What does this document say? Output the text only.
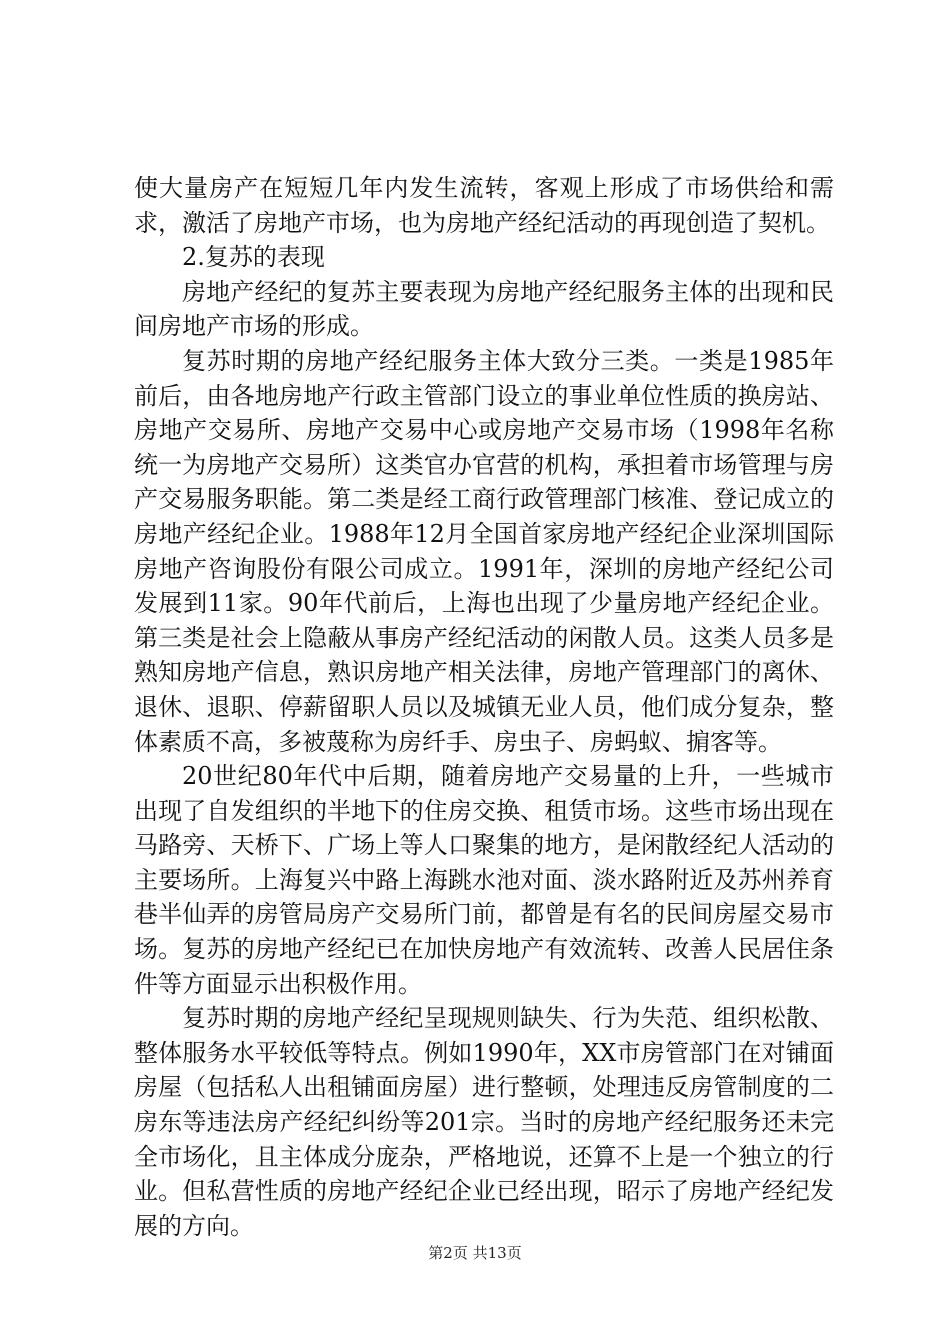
使大量房产在短短几年内发生流转，客观上形成了市场供给和需求，激活了房地产市场，也为房地产经纪活动的再现创造了契机。

2.复苏的表现

房地产经纪的复苏主要表现为房地产经纪服务主体的出现和民间房地产市场的形成。

复苏时期的房地产经纪服务主体大致分三类。一类是1985年前后，由各地房地产行政主管部门设立的事业单位性质的换房站、房地产交易所、房地产交易中心或房地产交易市场（1998年名称统一为房地产交易所）这类官办官营的机构，承担着市场管理与房产交易服务职能。第二类是经工商行政管理部门核准、登记成立的房地产经纪企业。1988年12月全国首家房地产经纪企业深圳国际房地产咨询股份有限公司成立。1991年，深圳的房地产经纪公司发展到11家。90年代前后，上海也出现了少量房地产经纪企业。第三类是社会上隐蔽从事房产经纪活动的闲散人员。这类人员多是熟知房地产信息，熟识房地产相关法律，房地产管理部门的离休、退休、退职、停薪留职人员以及城镇无业人员，他们成分复杂，整体素质不高，多被蔑称为房纤手、房虫子、房蚂蚁、掮客等。

20世纪80年代中后期，随着房地产交易量的上升，一些城市出现了自发组织的半地下的住房交换、租赁市场。这些市场出现在马路旁、天桥下、广场上等人口聚集的地方，是闲散经纪人活动的主要场所。上海复兴中路上海跳水池对面、淡水路附近及苏州养育巷半仙弄的房管局房产交易所门前，都曾是有名的民间房屋交易市场。复苏的房地产经纪已在加快房地产有效流转、改善人民居住条件等方面显示出积极作用。

复苏时期的房地产经纪呈现规则缺失、行为失范、组织松散、整体服务水平较低等特点。例如1990年，XX市房管部门在对铺面房屋（包括私人出租铺面房屋）进行整顿，处理违反房管制度的二房东等违法房产经纪纠纷等201宗。当时的房地产经纪服务还未完全市场化，且主体成分庞杂，严格地说，还算不上是一个独立的行业。但私营性质的房地产经纪企业已经出现，昭示了房地产经纪发展的方向。

第2页 共13页
